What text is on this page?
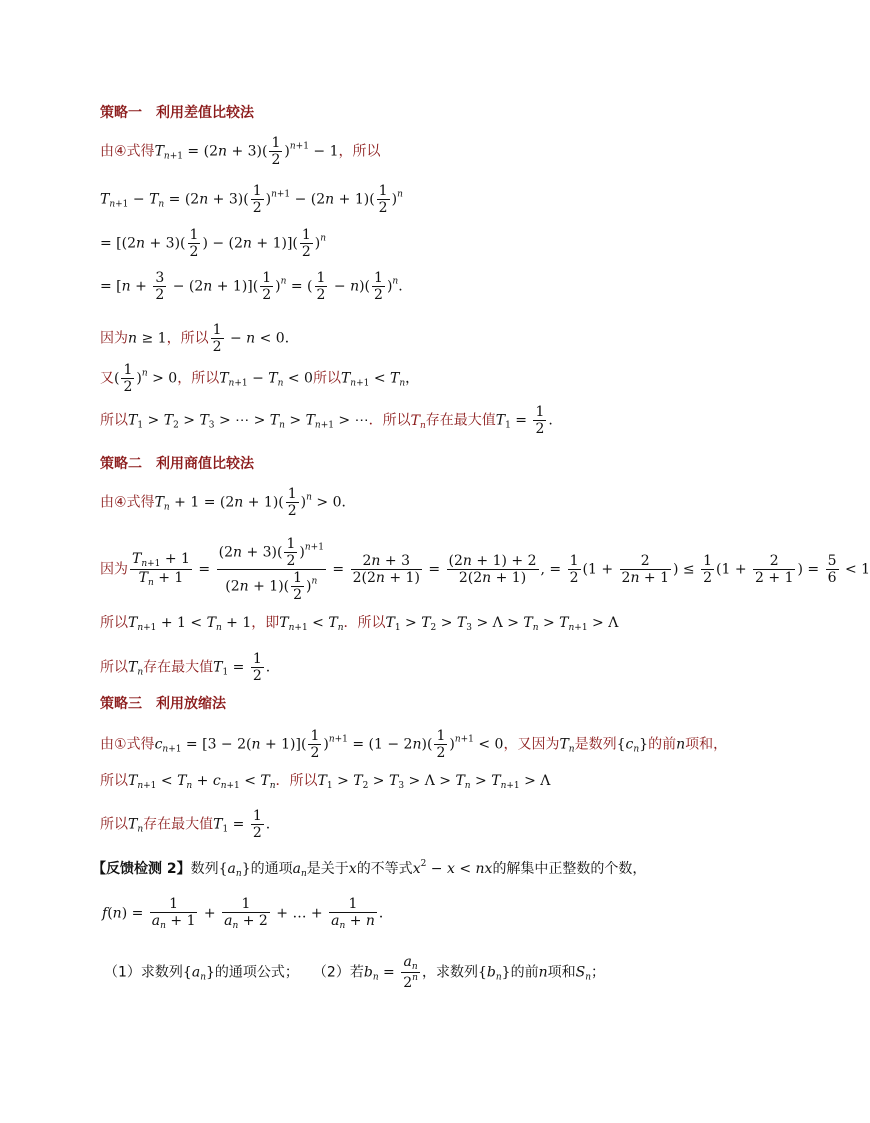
策略一　利用差值比较法
由④式得$T_{n+1} = (2n + 3)( \frac{1}{2} )^{n+1} - 1$，所以
$T_{n+1} - T_n = (2n + 3)( \frac{1}{2} )^{n+1} - (2n + 1)( \frac{1}{2} )^n$
= [$(2n + 3)( \frac{1}{2}$ ) − $(2n + 1)]( \frac{1}{2} )^n$
= $[n + \frac{3}{2} - (2n + 1)]( \frac{1}{2} )^n$ = ( $\frac{1}{2} - n)( \frac{1}{2} )^n$.
因为n ≥ 1，所以 $\frac{1}{2} - n < 0$．
又( $\frac{1}{2} )^n > 0$，所以$T_{n+1} - T_n < 0$所以$T_{n+1} < T_n$，
所以$T_1 > T_2 > T_3$ > ⋯ > $T_n > T_{n+1}$ > ⋯．所以$T_n$存在最大值$T_1 = \frac{1}{2}$ .
策略二　利用商值比较法
由④式得$T_n + 1 = (2n + 1)( \frac{1}{2} )^n > 0$．
因为 $\frac{T_{n+1} + 1}{T_n + 1} = \frac{(2n + 3)( \frac{1}{2} )^{n+1}}{(2n + 1)( \frac{1}{2} )^n} = \frac{2n + 3}{2(2n + 1)} = \frac{(2n + 1) + 2}{2(2n + 1)}$ , = $\frac{1}{2} (1 + \frac{2}{2n + 1}$ ) ≤ $\frac{1}{2} (1 + \frac{2}{2 + 1}$ ) = $\frac{5}{6} < 1$
所以$T_{n+1} + 1 < T_n + 1$，即$T_{n+1} < T_n$．所以$T_1 > T_2 > T_3 > \Lambda > T_n > T_{n+1} > \Lambda$
所以$T_n$存在最大值$T_1 = \frac{1}{2}$ .
策略三　利用放缩法
由①式得$c_{n+1} = [3 - 2(n + 1)]( \frac{1}{2} )^{n+1} = (1 - 2n)( \frac{1}{2} )^{n+1} < 0$，又因为$T_n$是数列$\{c_n\}$的前n项和，
所以$T_{n+1} < T_n + c_{n+1} < T_n$．所以$T_1 > T_2 > T_3 > \Lambda > T_n > T_{n+1} > \Lambda$
所以$T_n$存在最大值$T_1 = \frac{1}{2}$ .
【反馈检测 2】数列$\{a_n\}$的通项$a_n$是关于x的不等式$x^2 - x$ < nx的解集中正整数的个数，
$f(n) = \frac{1}{a_n + 1} + \frac{1}{a_n + 2}$ + … + $\frac{1}{a_n + n}$ ．
（1）求数列$\{a_n\}$的通项公式； （2）若$b_n = \frac{a_n}{2^n}$ ，求数列$\{b_n\}$的前n项和$S_n$；
